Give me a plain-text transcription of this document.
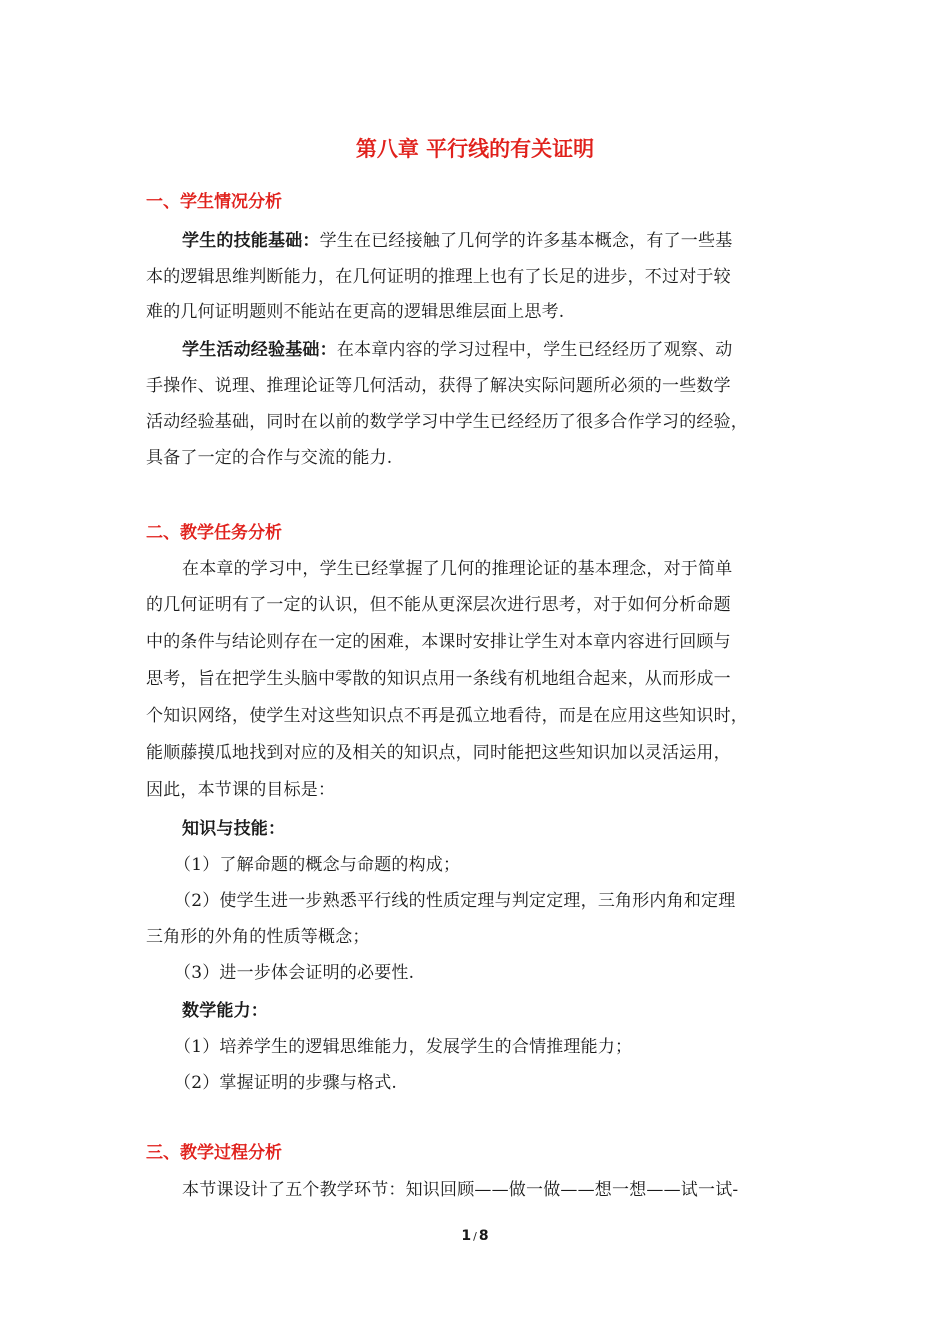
第八章 平行线的有关证明
一、学生情况分析
学生的技能基础：学生在已经接触了几何学的许多基本概念，有了一些基
本的逻辑思维判断能力，在几何证明的推理上也有了长足的进步，不过对于较
难的几何证明题则不能站在更高的逻辑思维层面上思考.
学生活动经验基础：在本章内容的学习过程中，学生已经经历了观察、动
手操作、说理、推理论证等几何活动，获得了解决实际问题所必须的一些数学
活动经验基础，同时在以前的数学学习中学生已经经历了很多合作学习的经验，
具备了一定的合作与交流的能力.
二、教学任务分析
在本章的学习中，学生已经掌握了几何的推理论证的基本理念，对于简单
的几何证明有了一定的认识，但不能从更深层次进行思考，对于如何分析命题
中的条件与结论则存在一定的困难，本课时安排让学生对本章内容进行回顾与
思考，旨在把学生头脑中零散的知识点用一条线有机地组合起来，从而形成一
个知识网络，使学生对这些知识点不再是孤立地看待，而是在应用这些知识时，
能顺藤摸瓜地找到对应的及相关的知识点，同时能把这些知识加以灵活运用，
因此，本节课的目标是：
知识与技能：
（1）了解命题的概念与命题的构成；
（2）使学生进一步熟悉平行线的性质定理与判定定理，三角形内角和定理
三角形的外角的性质等概念；
（3）进一步体会证明的必要性.
数学能力：
（1）培养学生的逻辑思维能力，发展学生的合情推理能力；
（2）掌握证明的步骤与格式.
三、教学过程分析
本节课设计了五个教学环节：知识回顾——做一做——想一想——试一试-
1 / 8
